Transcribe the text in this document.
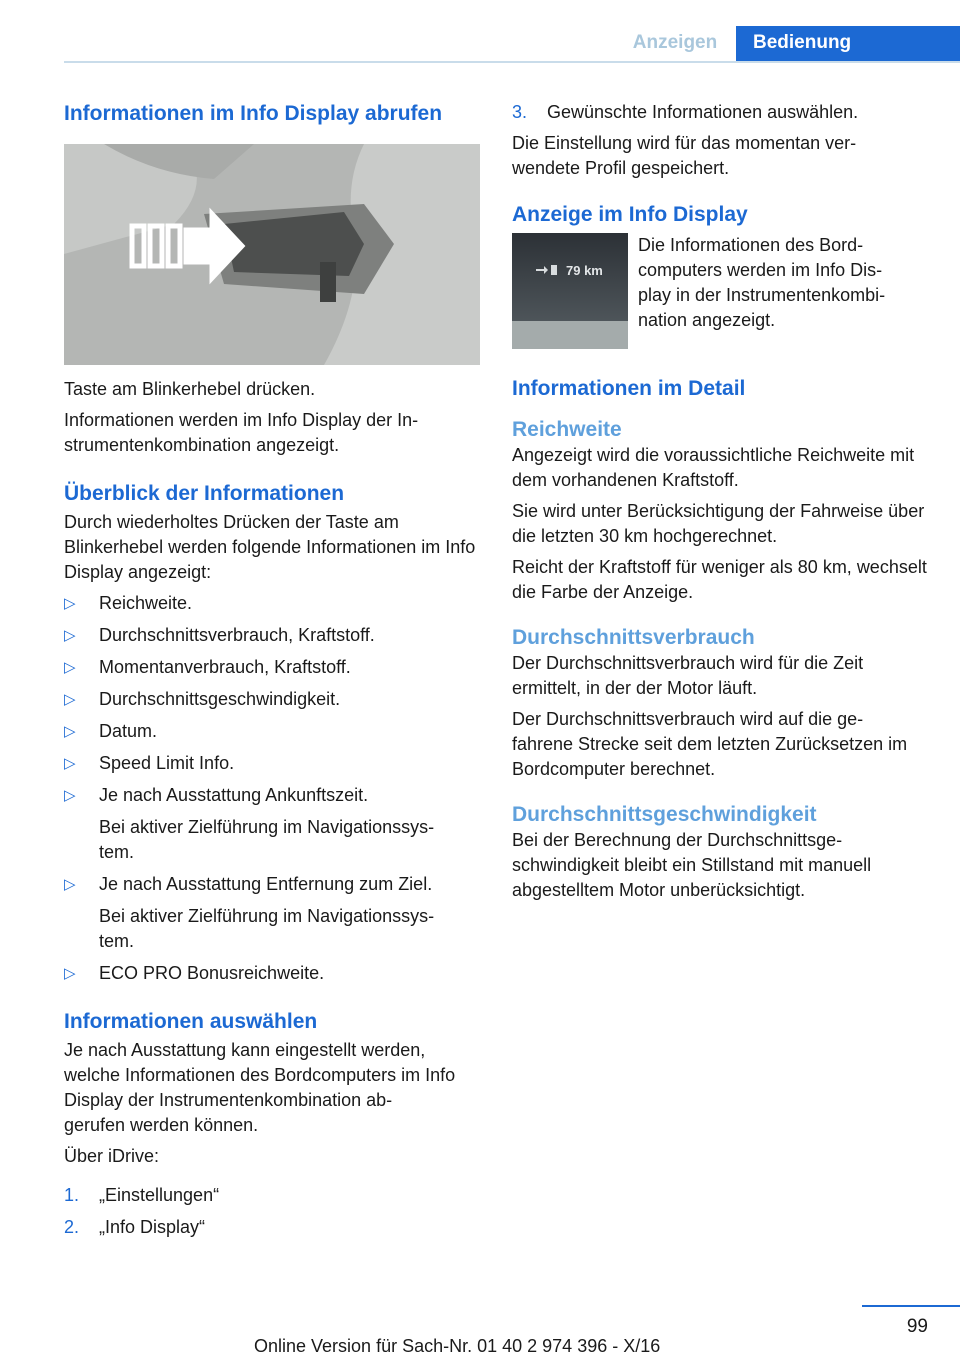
Anzeigen	Bedienung
Informationen im Info Display abrufen

Taste am Blinkerhebel drücken.

Informationen werden im Info Display der In-
strumentenkombination angezeigt.

Überblick der Informationen

Durch wiederholtes Drücken der Taste am Blinkerhebel werden folgende Informationen im Info Display angezeigt:

▷ Reichweite.
▷ Durchschnittsverbrauch, Kraftstoff.
▷ Momentanverbrauch, Kraftstoff.
▷ Durchschnittsgeschwindigkeit.
▷ Datum.
▷ Speed Limit Info.
▷ Je nach Ausstattung Ankunftszeit.
Bei aktiver Zielführung im Navigationssys-
tem.
▷ Je nach Ausstattung Entfernung zum Ziel.
Bei aktiver Zielführung im Navigationssys-
tem.
▷ ECO PRO Bonusreichweite.
Informationen auswählen

Je nach Ausstattung kann eingestellt werden, welche Informationen des Bordcomputers im Info Display der Instrumentenkombination ab-
gerufen werden können.

Über iDrive:

1. „Einstellungen“
2. „Info Display“
3. Gewünschte Informationen auswählen.

Die Einstellung wird für das momentan ver-
wendete Profil gespeichert.

Anzeige im Info Display
79 km

Die Informationen des Bord-
computers werden im Info Dis-
play in der Instrumentenkombi-
nation angezeigt.

Informationen im Detail
Reichweite

Angezeigt wird die voraussichtliche Reichweite mit dem vorhandenen Kraftstoff.

Sie wird unter Berücksichtigung der Fahrweise über die letzten 30 km hochgerechnet.

Reicht der Kraftstoff für weniger als 80 km, wechselt die Farbe der Anzeige.

Durchschnittsverbrauch

Der Durchschnittsverbrauch wird für die Zeit ermittelt, in der der Motor läuft.

Der Durchschnittsverbrauch wird auf die ge-
fahrene Strecke seit dem letzten Zurücksetzen im Bordcomputer berechnet.

Durchschnittsgeschwindigkeit

Bei der Berechnung der Durchschnittsge-
schwindigkeit bleibt ein Stillstand mit manuell abgestelltem Motor unberücksichtigt.

99
Online Version für Sach-Nr. 01 40 2 974 396 - X/16
